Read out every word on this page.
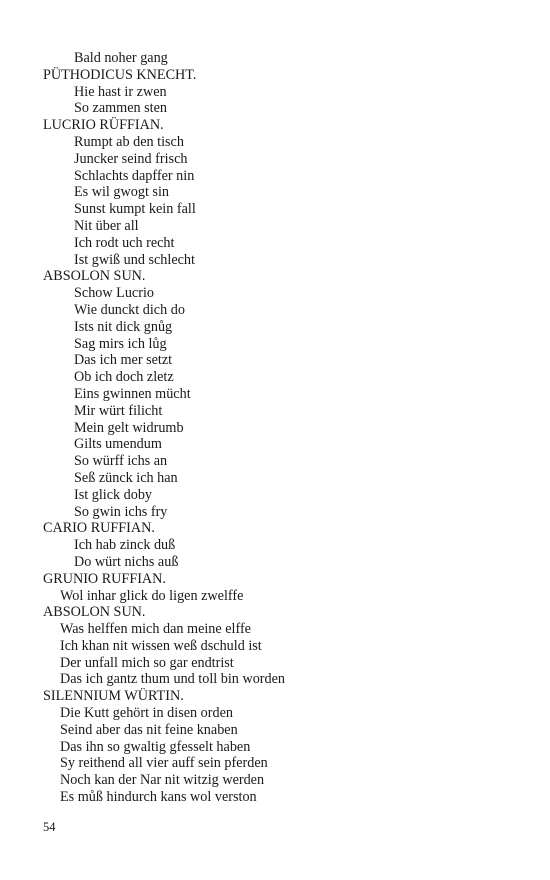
Bald noher gang
PÜTHODICUS KNECHT.
Hie hast ir zwen
So zammen sten
LUCRIO RÜFFIAN.
Rumpt ab den tisch
Juncker seind frisch
Schlachts dapffer nin
Es wil gwogt sin
Sunst kumpt kein fall
Nit über all
Ich rodt uch recht
Ist gwiß und schlecht
ABSOLON SUN.
Schow Lucrio
Wie dunckt dich do
Ists nit dick gnůg
Sag mirs ich lůg
Das ich mer setzt
Ob ich doch zletz
Eins gwinnen mücht
Mir würt filicht
Mein gelt widrumb
Gilts umendum
So würff ichs an
Seß zünck ich han
Ist glick doby
So gwin ichs fry
CARIO RUFFIAN.
Ich hab zinck duß
Do würt nichs auß
GRUNIO RUFFIAN.
Wol inhar glick do ligen zwelffe
ABSOLON SUN.
Was helffen mich dan meine elffe
Ich khan nit wissen weß dschuld ist
Der unfall mich so gar endtrist
Das ich gantz thum und toll bin worden
SILENNIUM WÜRTIN.
Die Kutt gehört in disen orden
Seind aber das nit feine knaben
Das ihn so gwaltig gfesselt haben
Sy reithend all vier auff sein pferden
Noch kan der Nar nit witzig werden
Es můß hindurch kans wol verston
54
